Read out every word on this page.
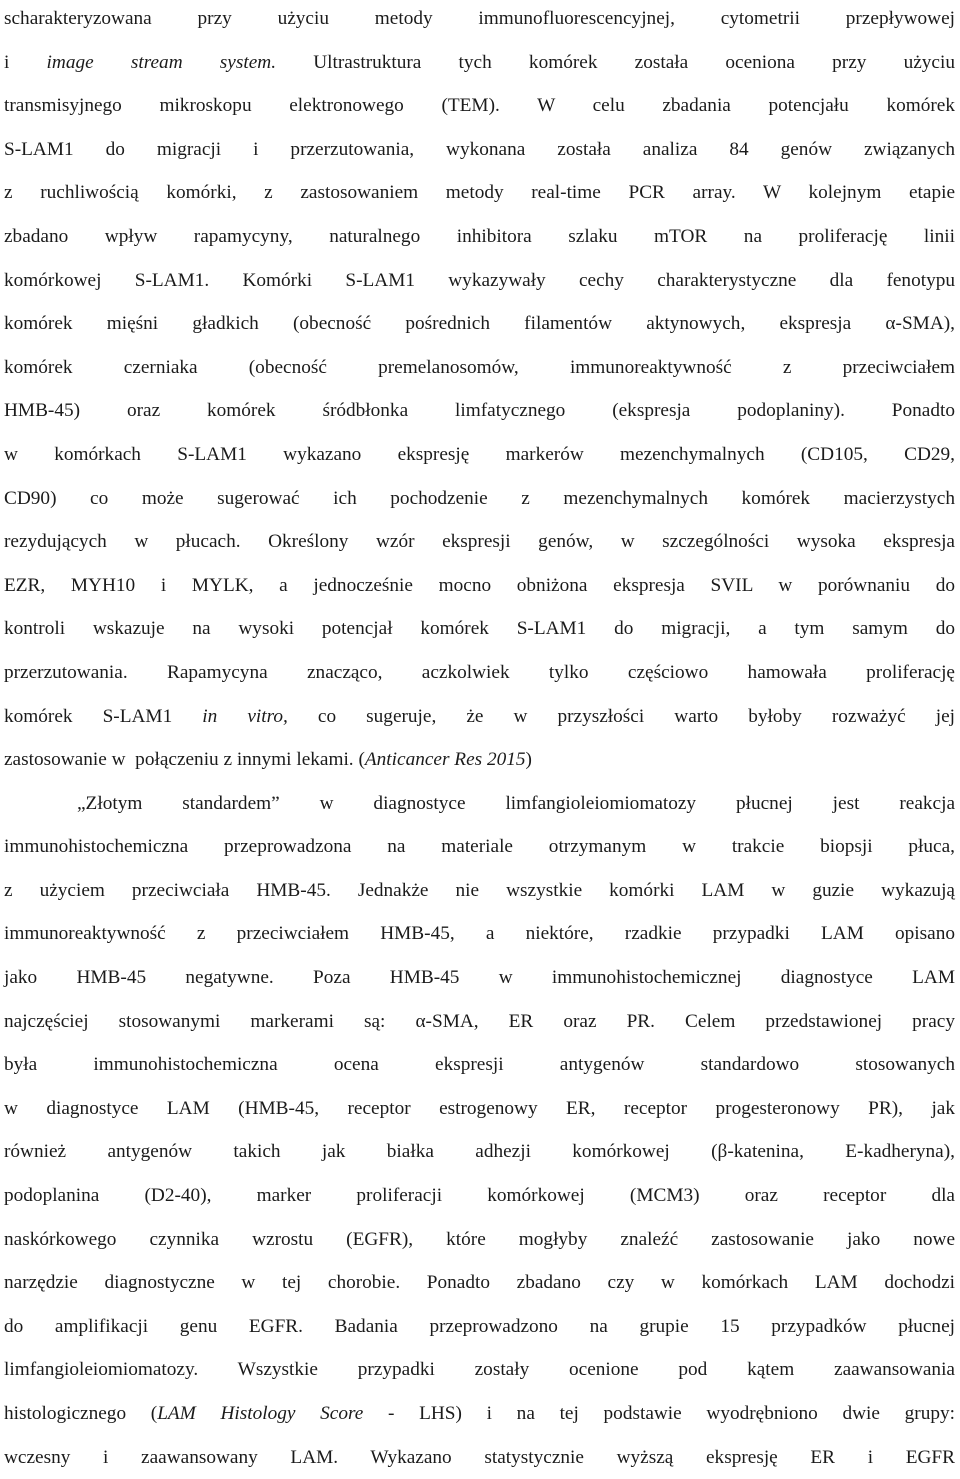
scharakteryzowana przy użyciu metody immunofluorescencyjnej, cytometrii przepływowej
i image stream system. Ultrastruktura tych komórek została oceniona przy użyciu
transmisyjnego mikroskopu elektronowego (TEM). W celu zbadania potencjału komórek
S-LAM1 do migracji i przerzutowania, wykonana została analiza 84 genów związanych
z ruchliwością komórki, z zastosowaniem metody real-time PCR array. W kolejnym etapie
zbadano wpływ rapamycyny, naturalnego inhibitora szlaku mTOR na proliferację linii
komórkowej S-LAM1. Komórki S-LAM1 wykazywały cechy charakterystyczne dla fenotypu
komórek mięśni gładkich (obecność pośrednich filamentów aktynowych, ekspresja α-SMA),
komórek czerniaka (obecność premelanosomów, immunoreaktywność z przeciwciałem
HMB-45) oraz komórek śródbłonka limfatycznego (ekspresja podoplaniny). Ponadto
w komórkach S-LAM1 wykazano ekspresję markerów mezenchymalnych (CD105, CD29,
CD90) co może sugerować ich pochodzenie z mezenchymalnych komórek macierzystych
rezydujących w płucach. Określony wzór ekspresji genów, w szczególności wysoka ekspresja
EZR, MYH10 i MYLK, a jednocześnie mocno obniżona ekspresja SVIL w porównaniu do
kontroli wskazuje na wysoki potencjał komórek S-LAM1 do migracji, a tym samym do
przerzutowania. Rapamycyna znacząco, aczkolwiek tylko częściowo hamowała proliferację
komórek S-LAM1 in vitro, co sugeruje, że w przyszłości warto byłoby rozważyć jej
zastosowanie w  połączeniu z innymi lekami. (Anticancer Res 2015)
„Złotym standardem” w diagnostyce limfangioleiomiomatozy płucnej jest reakcja
immunohistochemiczna przeprowadzona na materiale otrzymanym w trakcie biopsji płuca,
z użyciem przeciwciała HMB-45. Jednakże nie wszystkie komórki LAM w guzie wykazują
immunoreaktywność z przeciwciałem HMB-45, a niektóre, rzadkie przypadki LAM opisano
jako HMB-45 negatywne. Poza HMB-45 w immunohistochemicznej diagnostyce LAM
najczęściej stosowanymi markerami są: α-SMA, ER oraz PR. Celem przedstawionej pracy
była immunohistochemiczna ocena ekspresji antygenów standardowo stosowanych
w diagnostyce LAM (HMB-45, receptor estrogenowy ER, receptor progesteronowy PR), jak
również antygenów takich jak białka adhezji komórkowej (β-katenina, E-kadheryna),
podoplanina (D2-40), marker proliferacji komórkowej (MCM3) oraz receptor dla
naskórkowego czynnika wzrostu (EGFR), które mogłyby znaleźć zastosowanie jako nowe
narzędzie diagnostyczne w tej chorobie. Ponadto zbadano czy w komórkach LAM dochodzi
do amplifikacji genu EGFR. Badania przeprowadzono na grupie 15 przypadków płucnej
limfangioleiomiomatozy. Wszystkie przypadki zostały ocenione pod kątem zaawansowania
histologicznego (LAM Histology Score - LHS) i na tej podstawie wyodrębniono dwie grupy:
wczesny i zaawansowany LAM. Wykazano statystycznie wyższą ekspresję ER i EGFR
